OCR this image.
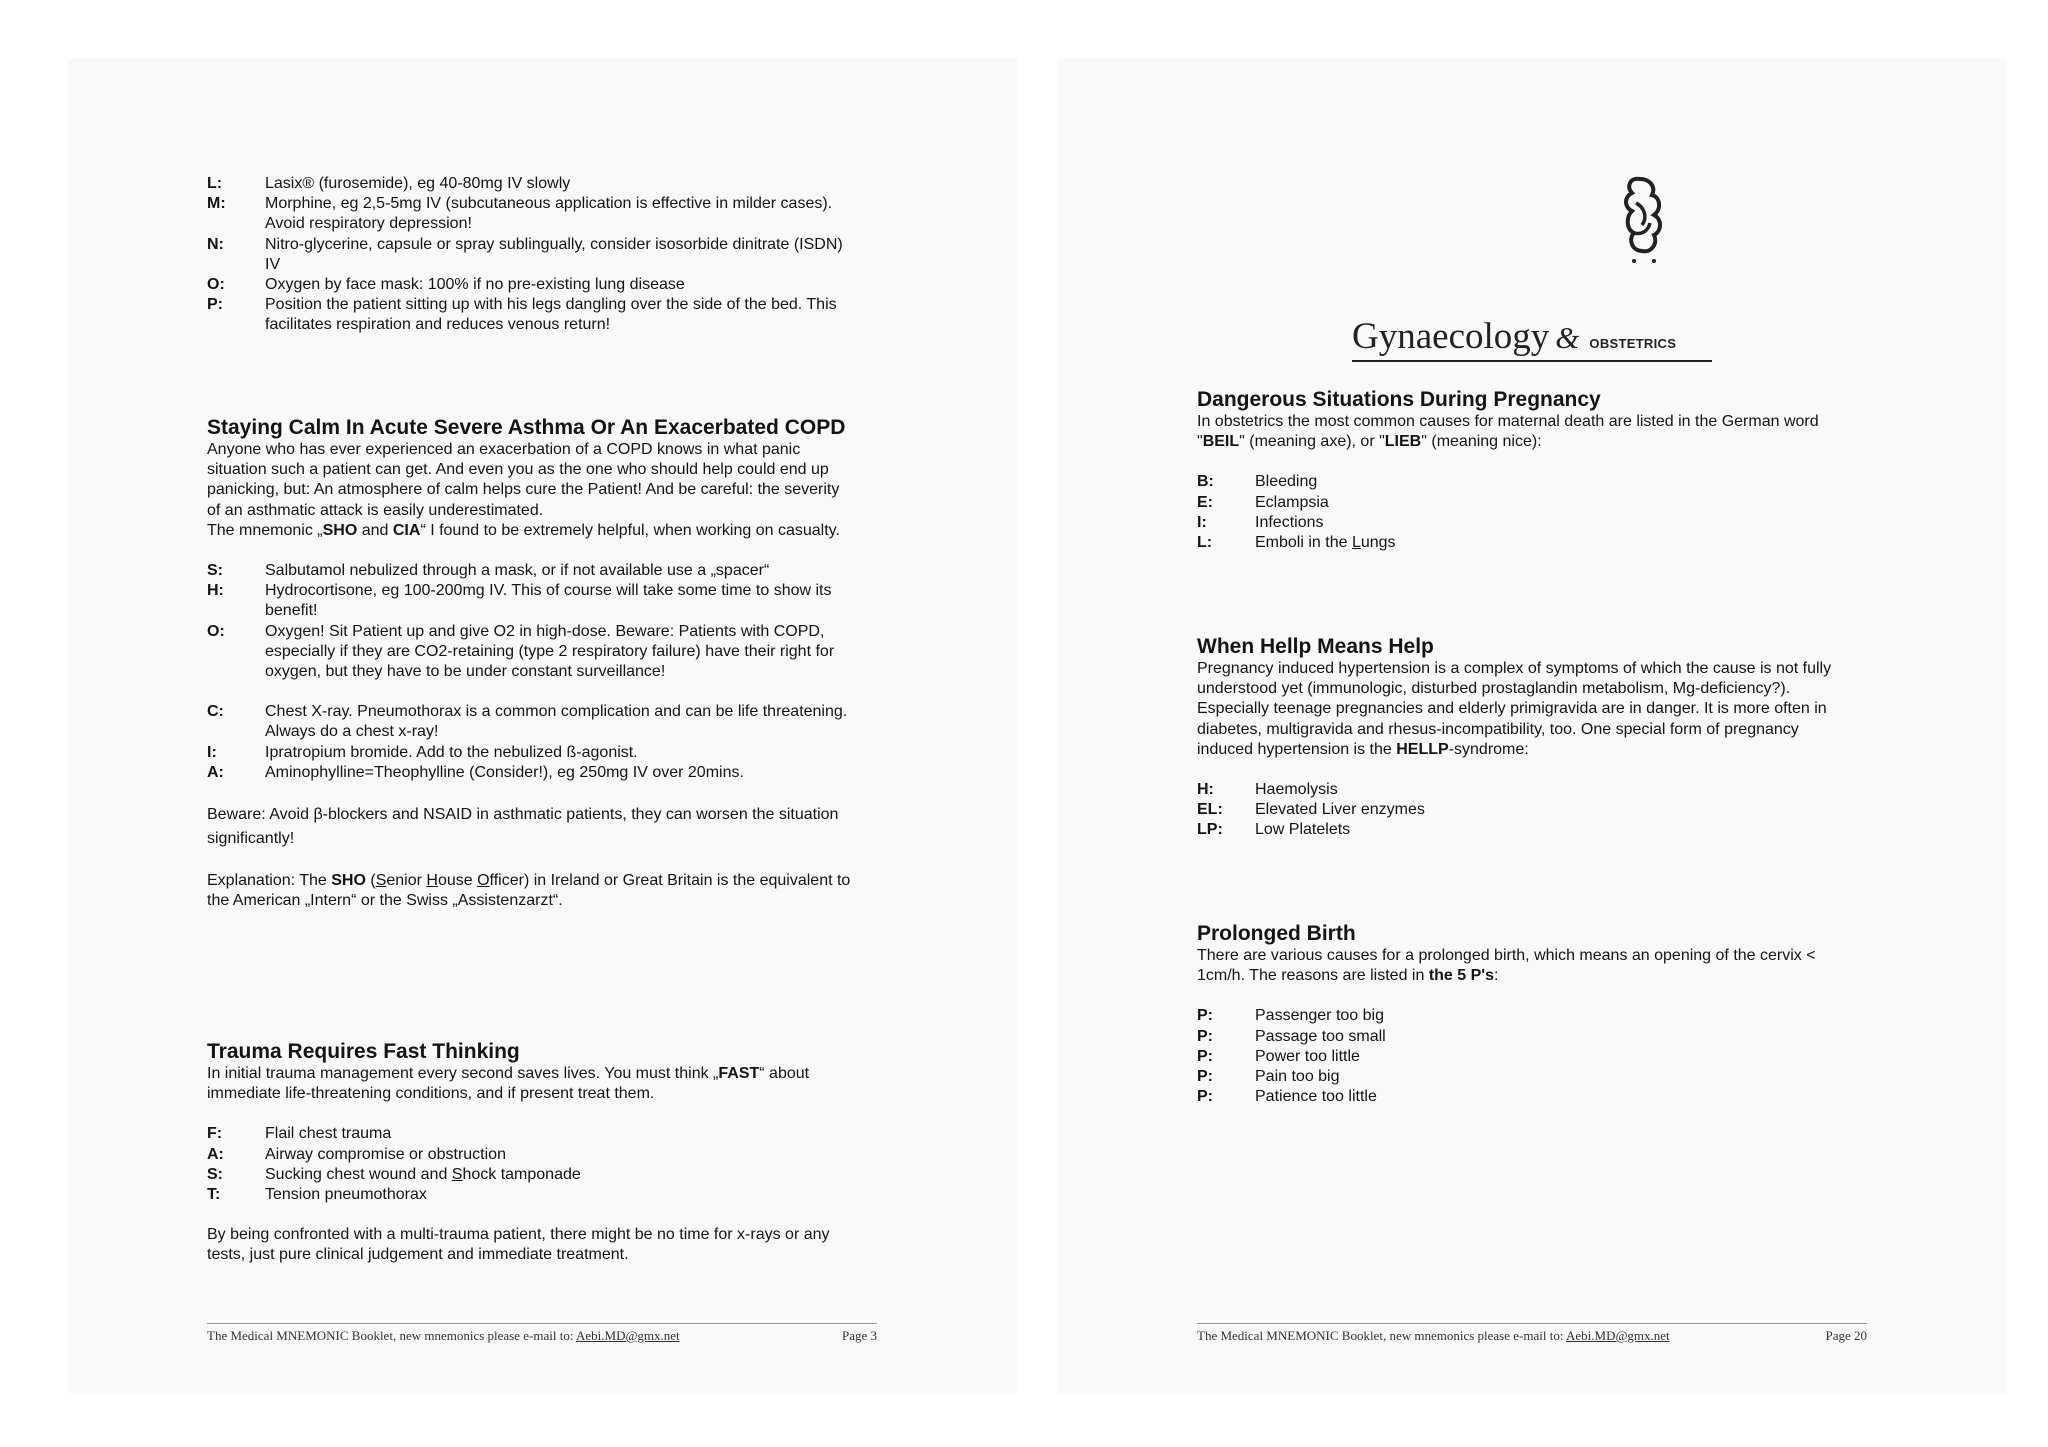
L:	Lasix® (furosemide), eg 40-80mg IV slowly
M:	Morphine, eg 2,5-5mg IV (subcutaneous application is effective in milder cases). Avoid respiratory depression!
N:	Nitro-glycerine, capsule or spray sublingually, consider isosorbide dinitrate (ISDN) IV
O:	Oxygen by face mask: 100% if no pre-existing lung disease
P:	Position the patient sitting up with his legs dangling over the side of the bed. This facilitates respiration and reduces venous return!
Staying Calm In Acute Severe Asthma Or An Exacerbated COPD

Anyone who has ever experienced an exacerbation of a COPD knows in what panic situation such a patient can get. And even you as the one who should help could end up panicking, but: An atmosphere of calm helps cure the Patient! And be careful: the severity of an asthmatic attack is easily underestimated.

The mnemonic „SHO and CIA“ I found to be extremely helpful, when working on casualty.

S:	Salbutamol nebulized through a mask, or if not available use a „spacer“
H:	Hydrocortisone, eg 100-200mg IV. This of course will take some time to show its benefit!
O:	Oxygen! Sit Patient up and give O2 in high-dose. Beware: Patients with COPD, especially if they are CO2-retaining (type 2 respiratory failure) have their right for oxygen, but they have to be under constant surveillance!
C:	Chest X-ray. Pneumothorax is a common complication and can be life threatening. Always do a chest x-ray!
I:	Ipratropium bromide. Add to the nebulized ß-agonist.
A:	Aminophylline=Theophylline (Consider!), eg 250mg IV over 20mins.

Beware: Avoid β-blockers and NSAID in asthmatic patients, they can worsen the situation significantly!

Explanation: The SHO (Senior House Officer) in Ireland or Great Britain is the equivalent to the American „Intern“ or the Swiss „Assistenzarzt“.

Trauma Requires Fast Thinking

In initial trauma management every second saves lives. You must think „FAST“ about immediate life-threatening conditions, and if present treat them.

F:	Flail chest trauma
A:	Airway compromise or obstruction
S:	Sucking chest wound and Shock tamponade
T:	Tension pneumothorax

By being confronted with a multi-trauma patient, there might be no time for x-rays or any tests, just pure clinical judgement and immediate treatment.

The Medical MNEMONIC Booklet, new mnemonics please e-mail to: Aebi.MD@gmx.net	Page 3
Gynaecology & OBSTETRICS
Dangerous Situations During Pregnancy

In obstetrics the most common causes for maternal death are listed in the German word "BEIL" (meaning axe), or "LIEB" (meaning nice):

B:	Bleeding
E:	Eclampsia
I:	Infections
L:	Emboli in the Lungs
When Hellp Means Help

Pregnancy induced hypertension is a complex of symptoms of which the cause is not fully understood yet (immunologic, disturbed prostaglandin metabolism, Mg-deficiency?). Especially teenage pregnancies and elderly primigravida are in danger. It is more often in diabetes, multigravida and rhesus-incompatibility, too. One special form of pregnancy induced hypertension is the HELLP-syndrome:

H:	Haemolysis
EL:	Elevated Liver enzymes
LP:	Low Platelets
Prolonged Birth

There are various causes for a prolonged birth, which means an opening of the cervix < 1cm/h. The reasons are listed in the 5 P's:

P:	Passenger too big
P:	Passage too small
P:	Power too little
P:	Pain too big
P:	Patience too little
The Medical MNEMONIC Booklet, new mnemonics please e-mail to: Aebi.MD@gmx.net	Page 20
